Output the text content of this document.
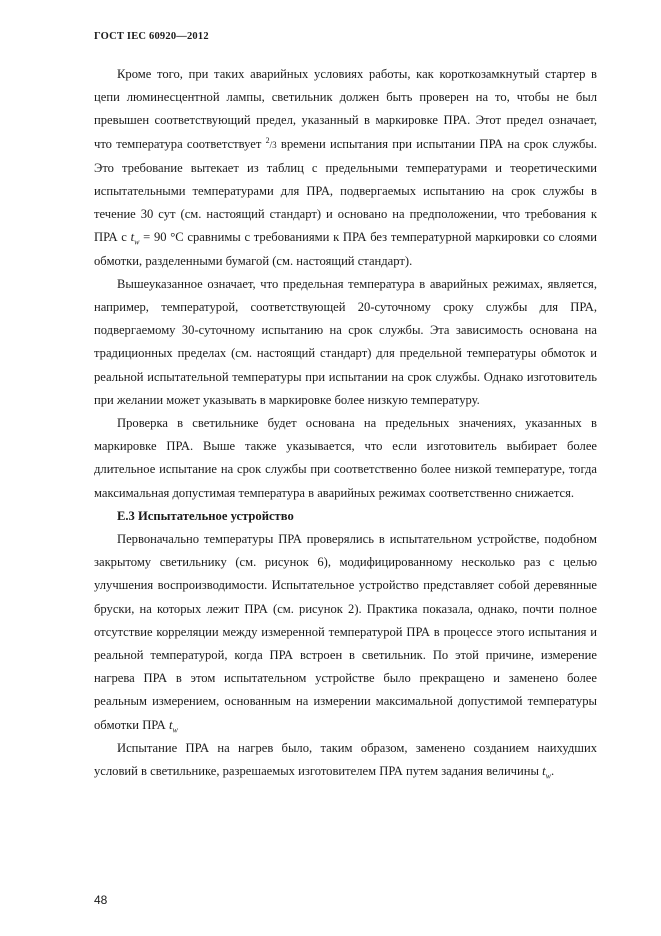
ГОСТ IEC 60920—2012

Кроме того, при таких аварийных условиях работы, как короткозамкнутый стартер в цепи люминесцентной лампы, светильник должен быть проверен на то, чтобы не был превышен соответствующий предел, указанный в маркировке ПРА. Этот предел означает, что температура соответствует $^2$/3 времени испытания при испытании ПРА на срок службы. Это требование вытекает из таблиц с предельными температурами и теоретическими испытательными температурами для ПРА, подвергаемых испытанию на срок службы в течение 30 сут (см. настоящий стандарт) и основано на предположении, что требования к ПРА с $t_w = 90$ °С сравнимы с требованиями к ПРА без температурной маркировки со слоями обмотки, разделенными бумагой (см. настоящий стандарт).

Вышеуказанное означает, что предельная температура в аварийных режимах, является, например, температурой, соответствующей 20-суточному сроку службы для ПРА, подвергаемому 30-суточному испытанию на срок службы. Эта зависимость основана на традиционных пределах (см. настоящий стандарт) для предельной температуры обмоток и реальной испытательной температуры при испытании на срок службы. Однако изготовитель при желании может указывать в маркировке более низкую температуру.

Проверка в светильнике будет основана на предельных значениях, указанных в маркировке ПРА. Выше также указывается, что если изготовитель выбирает более длительное испытание на срок службы при соответственно более низкой температуре, тогда максимальная допустимая температура в аварийных режимах соответственно снижается.

Е.3 Испытательное устройство

Первоначально температуры ПРА проверялись в испытательном устройстве, подобном закрытому светильнику (см. рисунок 6), модифицированному несколько раз с целью улучшения воспроизводимости. Испытательное устройство представляет собой деревянные бруски, на которых лежит ПРА (см. рисунок 2). Практика показала, однако, почти полное отсутствие корреляции между измеренной температурой ПРА в процессе этого испытания и реальной температурой, когда ПРА встроен в светильник. По этой причине, измерение нагрева ПРА в этом испытательном устройстве было прекращено и заменено более реальным измерением, основанным на измерении максимальной допустимой температуры обмотки ПРА $t_w$

Испытание ПРА на нагрев было, таким образом, заменено созданием наихудших условий в светильнике, разрешаемых изготовителем ПРА путем задания величины $t_w$.

48
